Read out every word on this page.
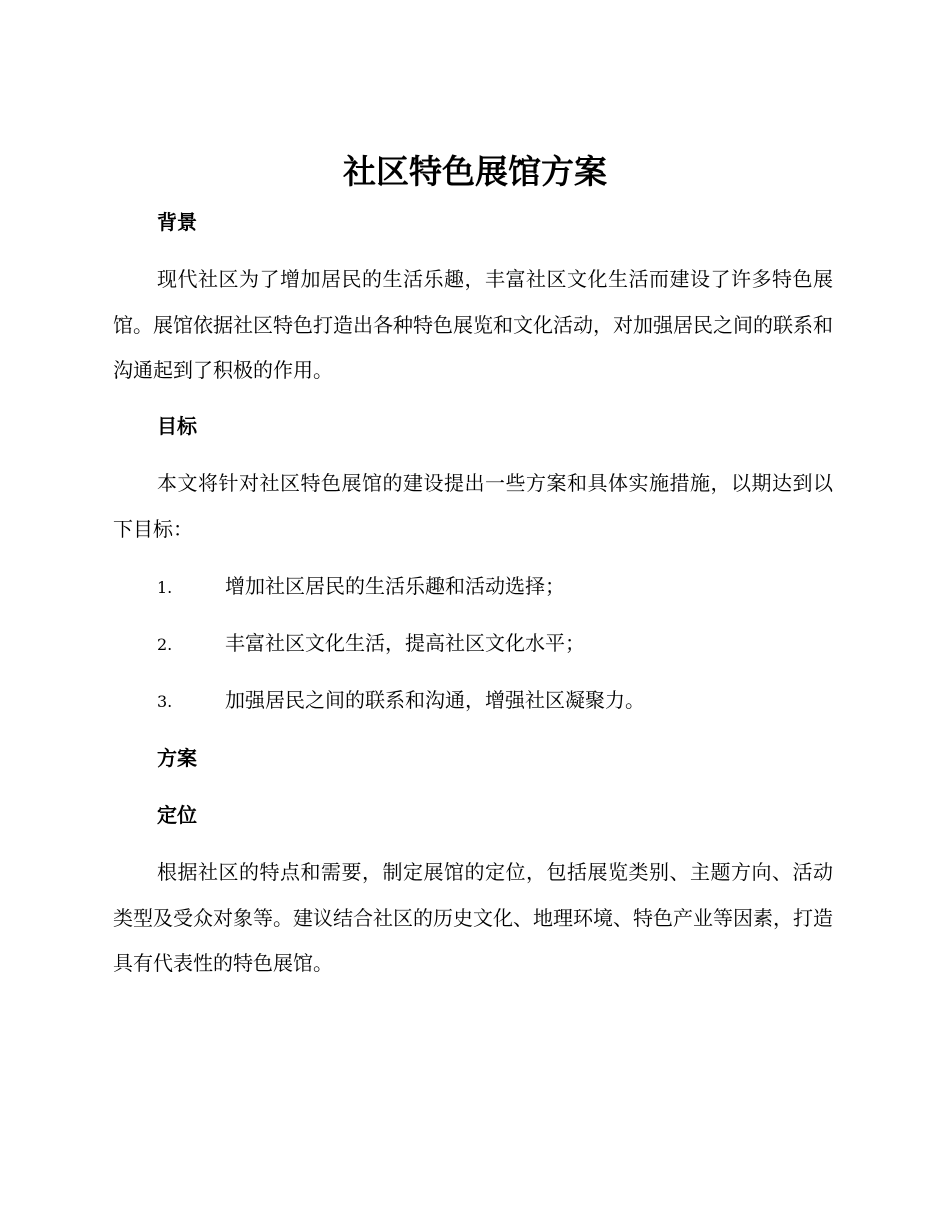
社区特色展馆方案
背景
现代社区为了增加居民的生活乐趣，丰富社区文化生活而建设了许多特色展馆。展馆依据社区特色打造出各种特色展览和文化活动，对加强居民之间的联系和沟通起到了积极的作用。
目标
本文将针对社区特色展馆的建设提出一些方案和具体实施措施，以期达到以下目标：
1.	增加社区居民的生活乐趣和活动选择；
2.	丰富社区文化生活，提高社区文化水平；
3.	加强居民之间的联系和沟通，增强社区凝聚力。
方案
定位
根据社区的特点和需要，制定展馆的定位，包括展览类别、主题方向、活动类型及受众对象等。建议结合社区的历史文化、地理环境、特色产业等因素，打造具有代表性的特色展馆。
